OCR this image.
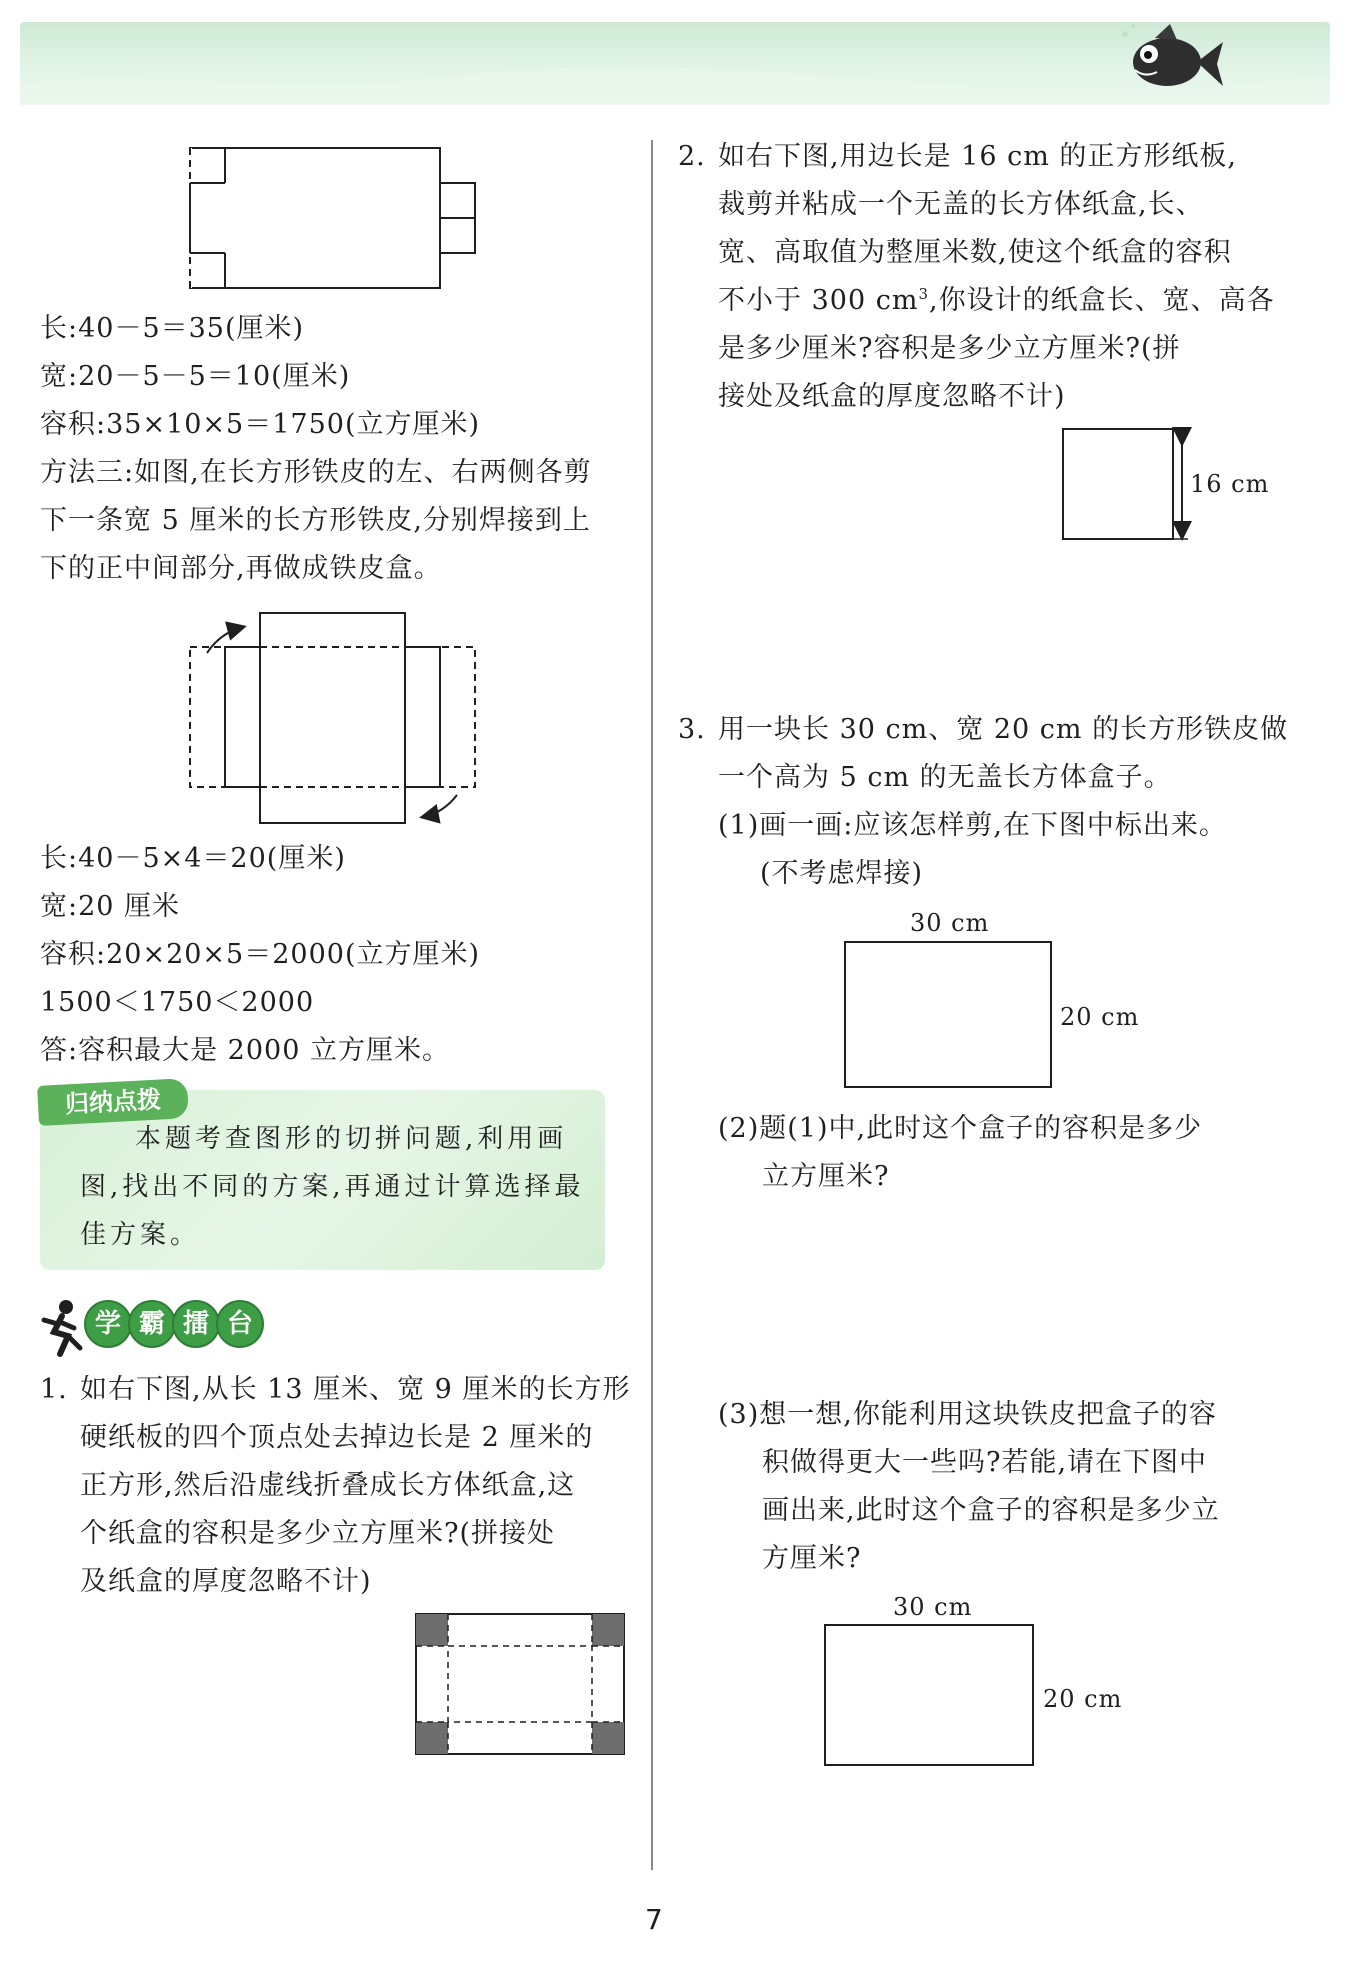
长:40－5＝35(厘米)
宽:20－5－5＝10(厘米)
容积:35×10×5＝1750(立方厘米)
方法三:如图,在长方形铁皮的左、右两侧各剪
下一条宽 5 厘米的长方形铁皮,分别焊接到上
下的正中间部分,再做成铁皮盒。
长:40－5×4＝20(厘米)
宽:20 厘米
容积:20×20×5＝2000(立方厘米)
1500＜1750＜2000
答:容积最大是 2000 立方厘米。
归纳点拨
本题考查图形的切拼问题,利用画
图,找出不同的方案,再通过计算选择最
佳方案。
学 霸 擂 台
1. 如右下图,从长 13 厘米、宽 9 厘米的长方形
硬纸板的四个顶点处去掉边长是 2 厘米的
正方形,然后沿虚线折叠成长方体纸盒,这
个纸盒的容积是多少立方厘米?(拼接处
及纸盒的厚度忽略不计)
2. 如右下图,用边长是 16 cm 的正方形纸板,
裁剪并粘成一个无盖的长方体纸盒,长、
宽、高取值为整厘米数,使这个纸盒的容积
不小于 300 $cm^3$,你设计的纸盒长、宽、高各
是多少厘米?容积是多少立方厘米?(拼
接处及纸盒的厚度忽略不计)
16 cm
3. 用一块长 30 cm、宽 20 cm 的长方形铁皮做
一个高为 5 cm 的无盖长方体盒子。
(1)画一画:应该怎样剪,在下图中标出来。
(不考虑焊接)
30 cm
20 cm
(2)题(1)中,此时这个盒子的容积是多少
立方厘米?
(3)想一想,你能利用这块铁皮把盒子的容
积做得更大一些吗?若能,请在下图中
画出来,此时这个盒子的容积是多少立
方厘米?
30 cm
20 cm
7
